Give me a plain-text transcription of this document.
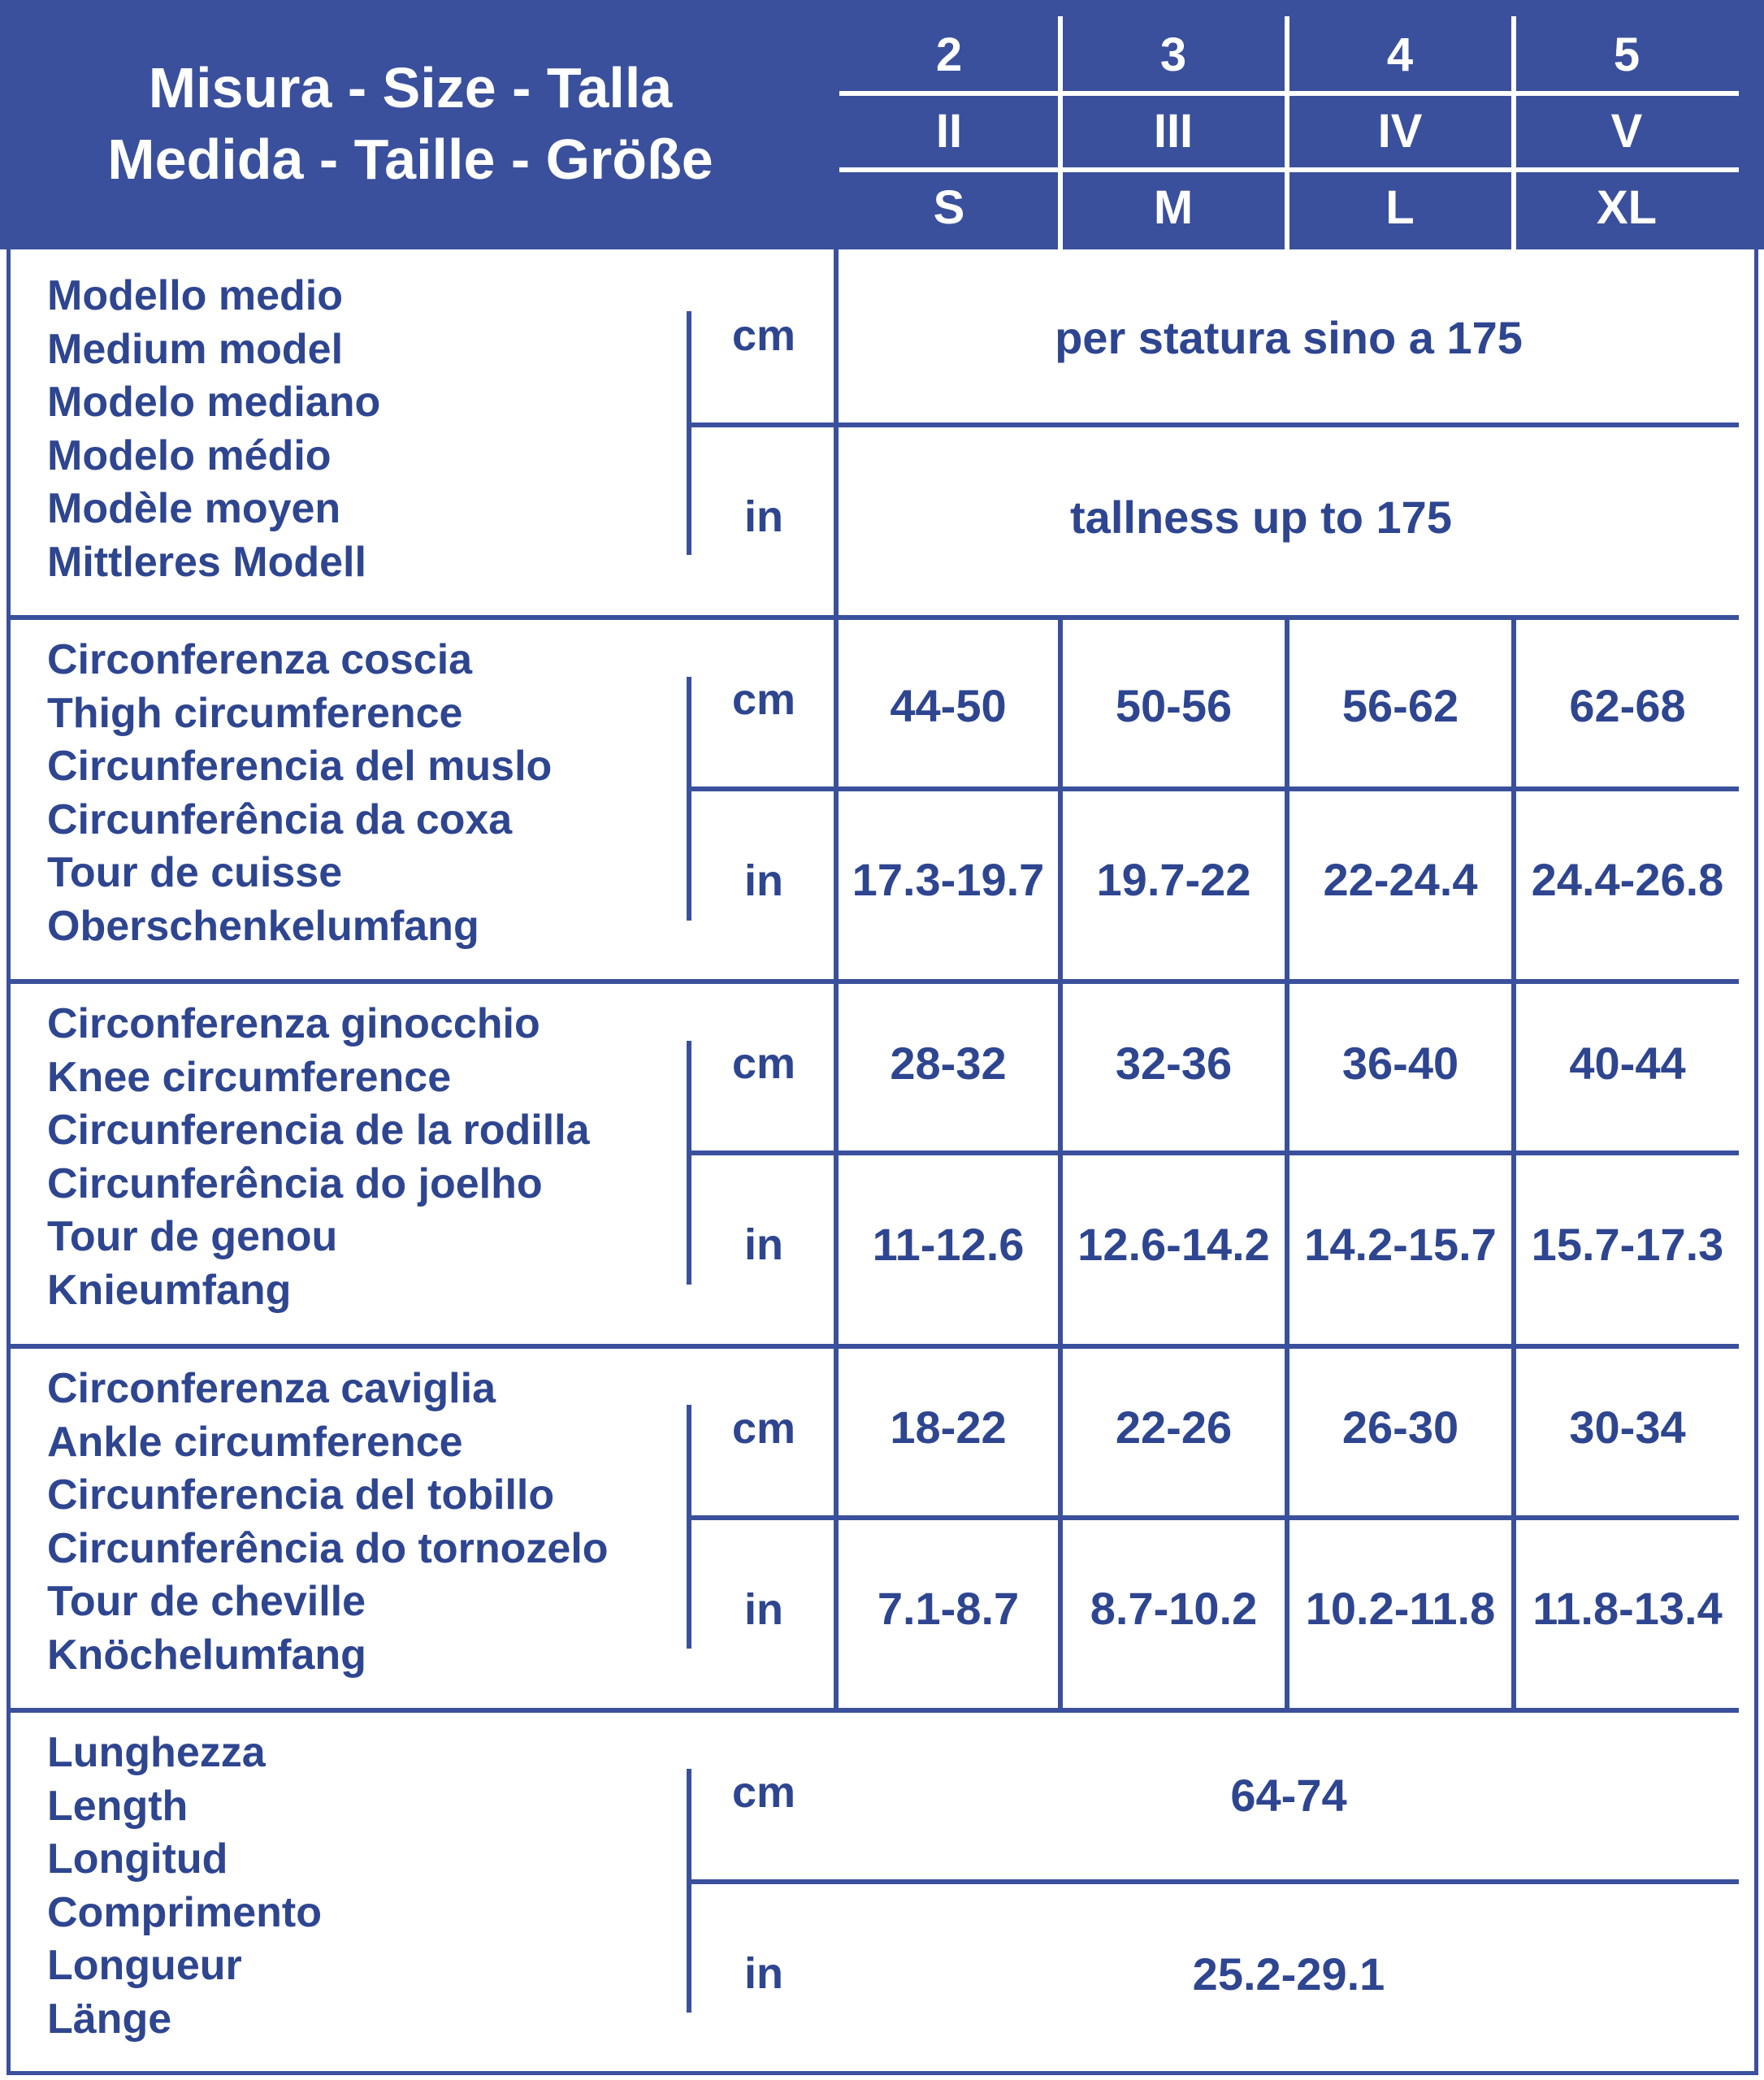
Misura - Size - Talla
Medida - Taille - Größe
2	3	4	5
II	III	IV	V
S	M	L	XL
Modello medio
Medium model
Modelo mediano
Modelo médio
Modèle moyen
Mittleres Modell
cm
in
per statura sino a 175
tallness up to 175
Circonferenza coscia
Thigh circumference
Circunferencia del muslo
Circunferência da coxa
Tour de cuisse
Oberschenkelumfang
cm
in
44-50	50-56	56-62	62-68
17.3-19.7	19.7-22	22-24.4	24.4-26.8
Circonferenza ginocchio
Knee circumference
Circunferencia de la rodilla
Circunferência do joelho
Tour de genou
Knieumfang
cm
in
28-32	32-36	36-40	40-44
11-12.6	12.6-14.2 14.2-15.7 15.7-17.3
Circonferenza caviglia
Ankle circumference
Circunferencia del tobillo
Circunferência do tornozelo
Tour de cheville
Knöchelumfang
cm
in
18-22	22-26	26-30	30-34
7.1-8.7	8.7-10.2	10.2-11.8 11.8-13.4
Lunghezza
Length
Longitud
Comprimento
Longueur
Länge
cm
in
64-74
25.2-29.1
